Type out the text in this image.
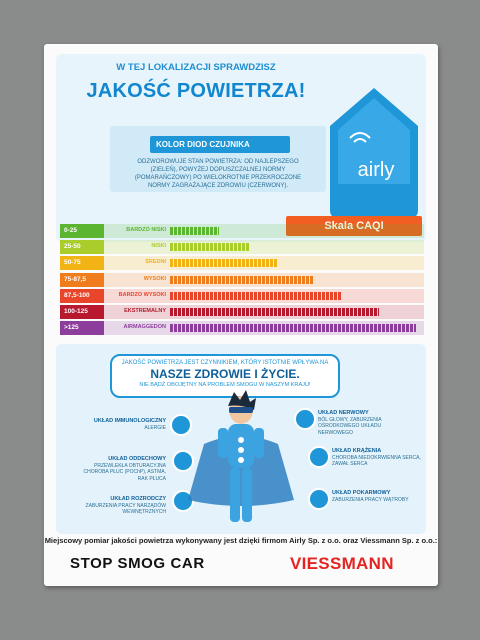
W TEJ LOKALIZACJI SPRAWDZISZ
JAKOŚĆ POWIETRZA!
KOLOR DIOD CZUJNIKA
ODZWOROWUJE STAN POWIETRZA: OD NAJLEPSZEGO
(ZIELEŃ), POWYŻEJ DOPUSZCZALNEJ NORMY
(POMARAŃCZOWY) PO WIELOKROTNIE PRZEKROCZONE
NORMY ZAGRAŻAJĄCE ZDROWIU (CZERWONY).
airly
Skala CAQI
0-25	BARDZO NISKI
25-50	NISKI
50-75	ŚREDNI
75-87,5	WYSOKI
87,5-100	BARDZO WYSOKI
100-125	EKSTREMALNY
>125	AIRMAGGEDON
JAKOŚĆ POWIETRZA JEST CZYNNIKIEM, KTÓRY ISTOTNIE WPŁYWA NA
NASZE ZDROWIE I ŻYCIE.
NIE BĄDŹ OBOJĘTNY NA PROBLEM SMOGU W NASZYM KRAJU!
UKŁAD IMMUNOLOGICZNY
ALERGIE
UKŁAD ODDECHOWY
PRZEWLEKŁA OBTURACYJNA CHOROBA PŁUC (POChP), ASTMA, RAK PŁUCA
UKŁAD ROZRODCZY
ZABURZENIA PRACY NARZĄDÓW WEWNĘTRZNYCH
UKŁAD NERWOWY
BÓL GŁOWY, ZABURZENIA OŚRODKOWEGO UKŁADU NERWOWEGO
UKŁAD KRĄŻENIA
CHOROBA NIEDOKRWIENNA SERCA, ZAWAŁ SERCA
UKŁAD POKARMOWY
ZABURZENIA PRACY WĄTROBY
Miejscowy pomiar jakości powietrza wykonywany jest dzięki firmom Airly Sp. z o.o. oraz Viessmann Sp. z o.o.:
STOP SMOG CAR	VIESSMANN
